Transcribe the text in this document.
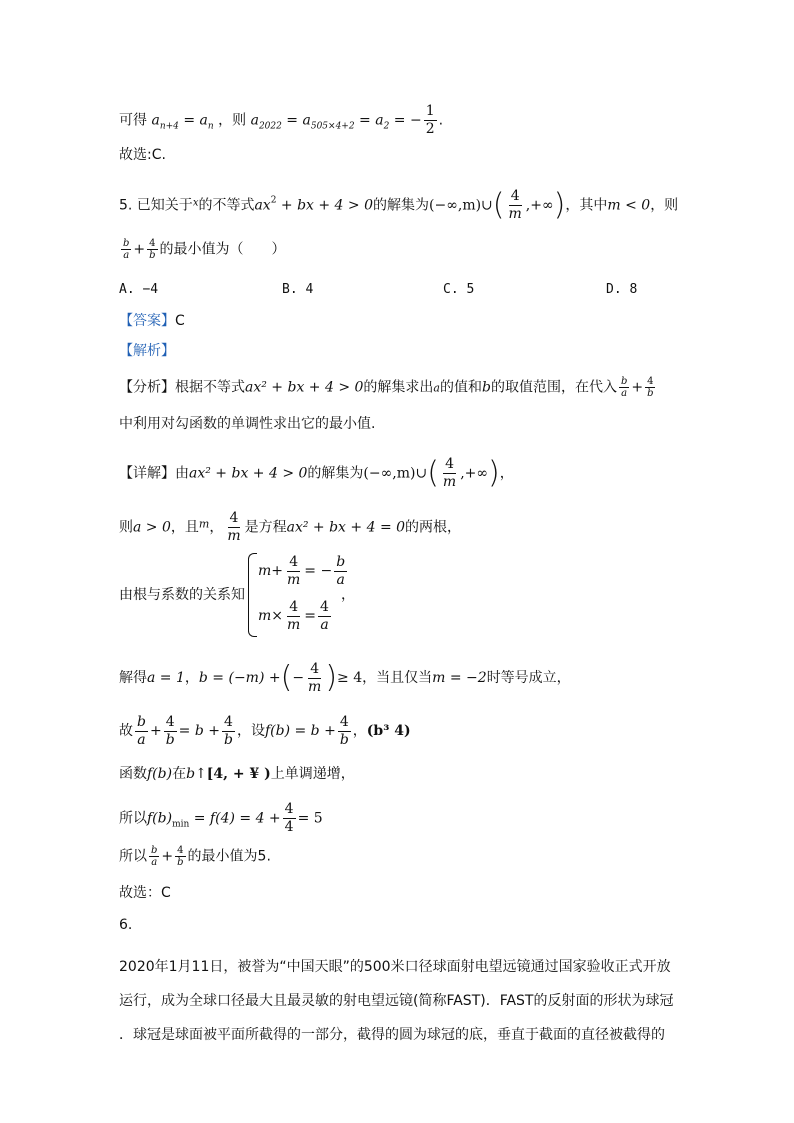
可得 $a_{n+4} = a_n$ ，则 $a_{2022} = a_{505\times 4+2} = a_2$ = − $\frac{1}{2}$ .
故选:C.
5. 已知关于$^x$的不等式$ax^2$ + bx + 4 > 0的解集为(−∞,m)∪( $\frac{4}{m}$ ,+∞)，其中m < 0，则
$\frac{b}{a} + \frac{4}{b}$ 的最小值为（　　）
A. −4	B. 4	C. 5	D. 8
【答案】C
【解析】
【分析】根据不等式ax² + bx + 4 > 0的解集求出a的值和b的取值范围，在代入 $\frac{b}{a} + \frac{4}{b}$
中利用对勾函数的单调性求出它的最小值.
【详解】由ax² + bx + 4 > 0的解集为(−∞,m)∪( $\frac{4}{m}$ ,+∞)，
则a > 0，且$^m$， $\frac{4}{m}$ 是方程ax² + bx + 4 = 0的两根，
由根与系数的关系知
$m+ \frac{4}{m}$ = − $\frac{b}{a}$
$m\times \frac{4}{m} = \frac{4}{a}$
，
解得a = 1，b = (−m) +(− $\frac{4}{m}$ )≥ 4，当且仅当m = −2时等号成立，
故 $\frac{b}{a} + \frac{4}{b} = b + \frac{4}{b}$ ，设$f(b) = b + \frac{4}{b}$ ，(b³ 4)
函数f(b)在b↑[4, + ¥ )上单调递增，
所以$f(b)_{min} = f(4) = 4 + \frac{4}{4} = 5$
所以 $\frac{b}{a} + \frac{4}{b}$ 的最小值为5.
故选：C
6.
2020年1月11日，被誉为“中国天眼”的500米口径球面射电望远镜通过国家验收正式开放
运行，成为全球口径最大且最灵敏的射电望远镜(简称FAST)．FAST的反射面的形状为球冠
．球冠是球面被平面所截得的一部分，截得的圆为球冠的底，垂直于截面的直径被截得的
